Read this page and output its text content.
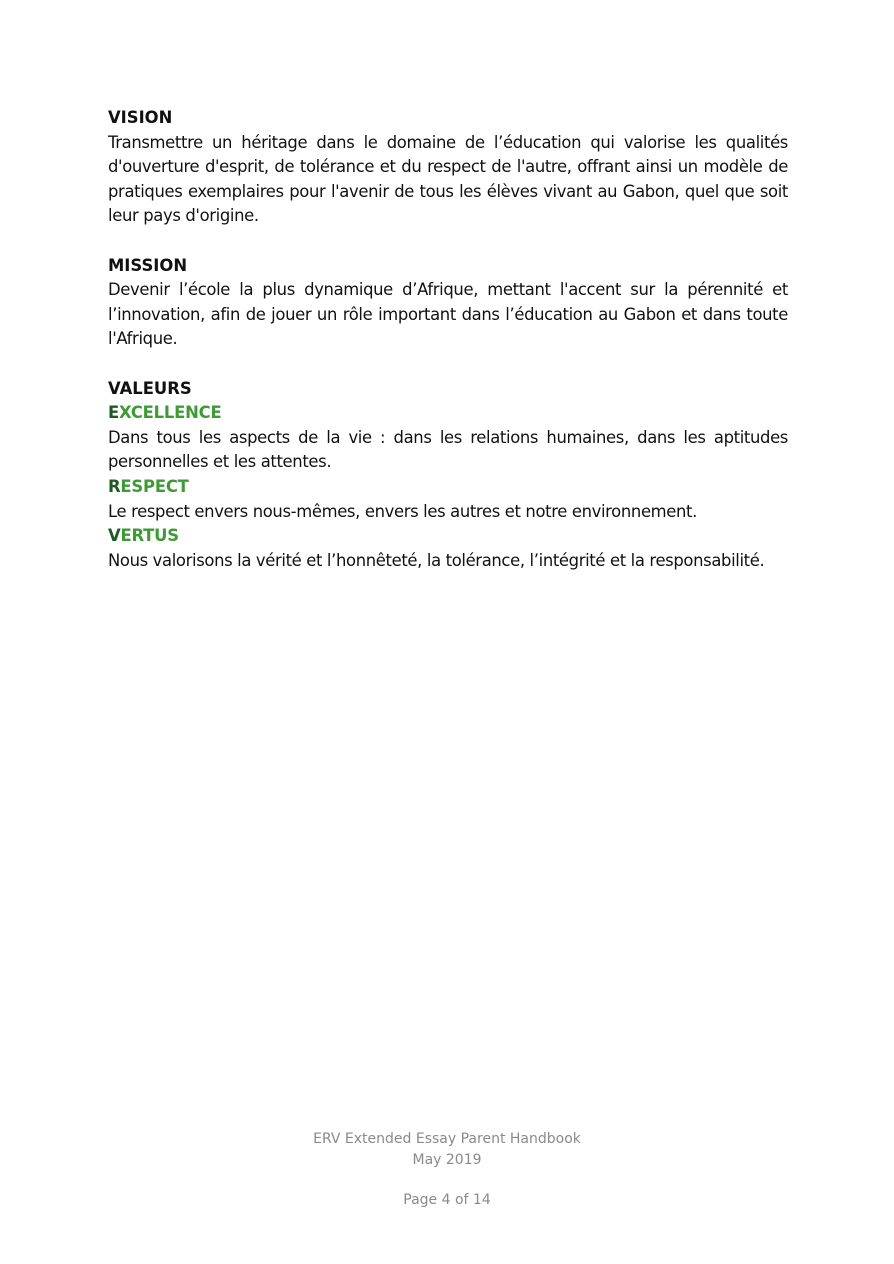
VISION

Transmettre un héritage dans le domaine de l’éducation qui valorise les qualités d'ouverture d'esprit, de tolérance et du respect de l'autre, offrant ainsi un modèle de pratiques exemplaires pour l'avenir de tous les élèves vivant au Gabon, quel que soit leur pays d'origine.

MISSION

Devenir l’école la plus dynamique d’Afrique, mettant l'accent sur la pérennité et l’innovation, afin de jouer un rôle important dans l’éducation au Gabon et dans toute l'Afrique.

VALEURS

EXCELLENCE

Dans tous les aspects de la vie : dans les relations humaines, dans les aptitudes personnelles et les attentes.

RESPECT

Le respect envers nous-mêmes, envers les autres et notre environnement.

VERTUS

Nous valorisons la vérité et l’honnêteté, la tolérance, l’intégrité et la responsabilité.

ERV Extended Essay Parent Handbook
May 2019
Page 4 of 14
